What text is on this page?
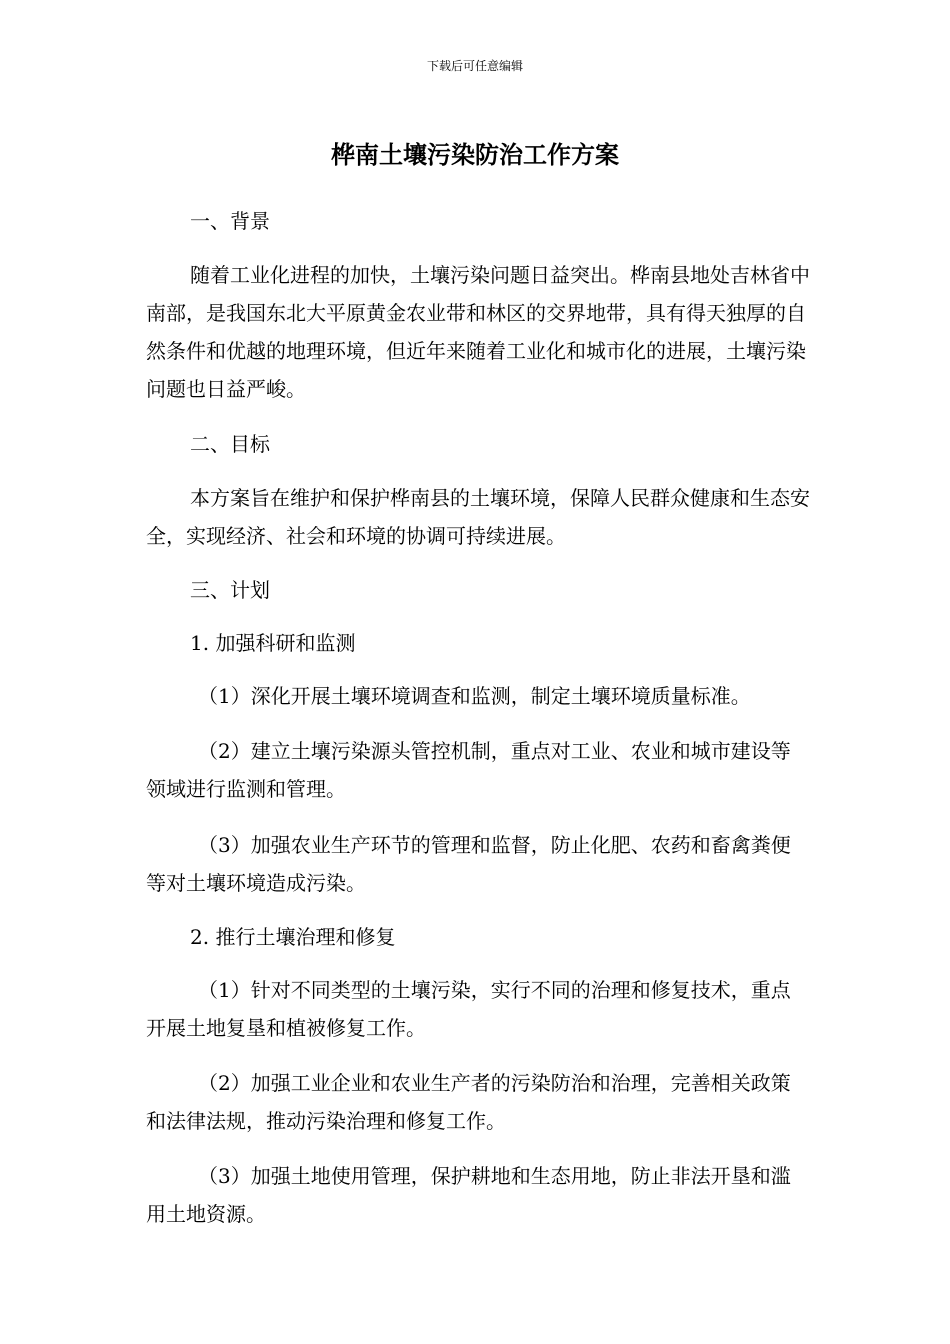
下载后可任意编辑
桦南土壤污染防治工作方案

一、背景

随着工业化进程的加快，土壤污染问题日益突出。桦南县地处吉林省中南部，是我国东北大平原黄金农业带和林区的交界地带，具有得天独厚的自然条件和优越的地理环境，但近年来随着工业化和城市化的进展，土壤污染问题也日益严峻。

二、目标

本方案旨在维护和保护桦南县的土壤环境，保障人民群众健康和生态安全，实现经济、社会和环境的协调可持续进展。

三、计划

1. 加强科研和监测

（1）深化开展土壤环境调查和监测，制定土壤环境质量标准。

（2）建立土壤污染源头管控机制，重点对工业、农业和城市建设等领域进行监测和管理。

（3）加强农业生产环节的管理和监督，防止化肥、农药和畜禽粪便等对土壤环境造成污染。

2. 推行土壤治理和修复

（1）针对不同类型的土壤污染，实行不同的治理和修复技术，重点开展土地复垦和植被修复工作。

（2）加强工业企业和农业生产者的污染防治和治理，完善相关政策和法律法规，推动污染治理和修复工作。

（3）加强土地使用管理，保护耕地和生态用地，防止非法开垦和滥用土地资源。
